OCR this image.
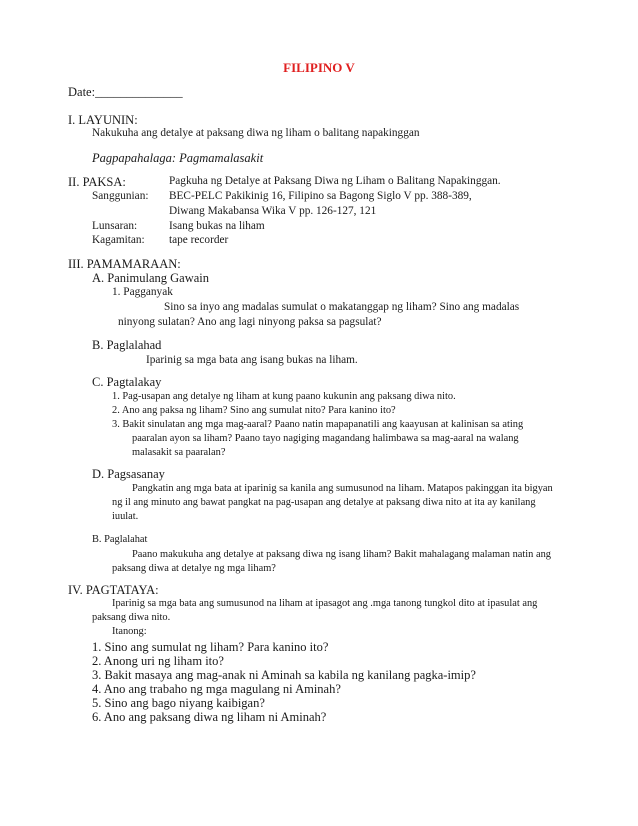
FILIPINO V
Date:______________
I. LAYUNIN:
Nakukuha ang detalye at paksang diwa ng liham o balitang napakinggan
Pagpapahalaga: Pagmamalasakit
II. PAKSA:	Pagkuha ng Detalye at Paksang Diwa ng Liham o Balitang Napakinggan.
Sanggunian: BEC-PELC Pakikinig 16, Filipino sa Bagong Siglo V pp. 388-389,
Diwang Makabansa Wika V pp. 126-127, 121
Lunsaran:	Isang bukas na liham
Kagamitan: tape recorder
III. PAMAMARAAN:
A. Panimulang Gawain
1. Pagganyak
Sino sa inyo ang madalas sumulat o makatanggap ng liham? Sino ang madalas
ninyong sulatan? Ano ang lagi ninyong paksa sa pagsulat?
B. Paglalahad
Iparinig sa mga bata ang isang bukas na liham.
C. Pagtalakay
1. Pag-usapan ang detalye ng liham at kung paano kukunin ang paksang diwa nito.
2. Ano ang paksa ng liham? Sino ang sumulat nito? Para kanino ito?
3. Bakit sinulatan ang mga mag-aaral? Paano natin mapapanatili ang kaayusan at kalinisan sa ating
paaralan ayon sa liham? Paano tayo nagiging magandang halimbawa sa mag-aaral na walang
malasakit sa paaralan?
D. Pagsasanay
Pangkatin ang mga bata at iparinig sa kanila ang sumusunod na liham. Matapos pakinggan ita bigyan
ng il ang minuto ang bawat pangkat na pag-usapan ang detalye at paksang diwa nito at ita ay kanilang
iuulat.
B. Paglalahat
Paano makukuha ang detalye at paksang diwa ng isang liham? Bakit mahalagang malaman natin ang
paksang diwa at detalye ng mga liham?
IV. PAGTATAYA:
Iparinig sa mga bata ang sumusunod na liham at ipasagot ang .mga tanong tungkol dito at ipasulat ang
paksang diwa nito.
Itanong:
1. Sino ang sumulat ng liham? Para kanino ito?
2. Anong uri ng liham ito?
3. Bakit masaya ang mag-anak ni Aminah sa kabila ng kanilang pagka-imip?
4. Ano ang trabaho ng mga magulang ni Aminah?
5. Sino ang bago niyang kaibigan?
6. Ano ang paksang diwa ng liham ni Aminah?
